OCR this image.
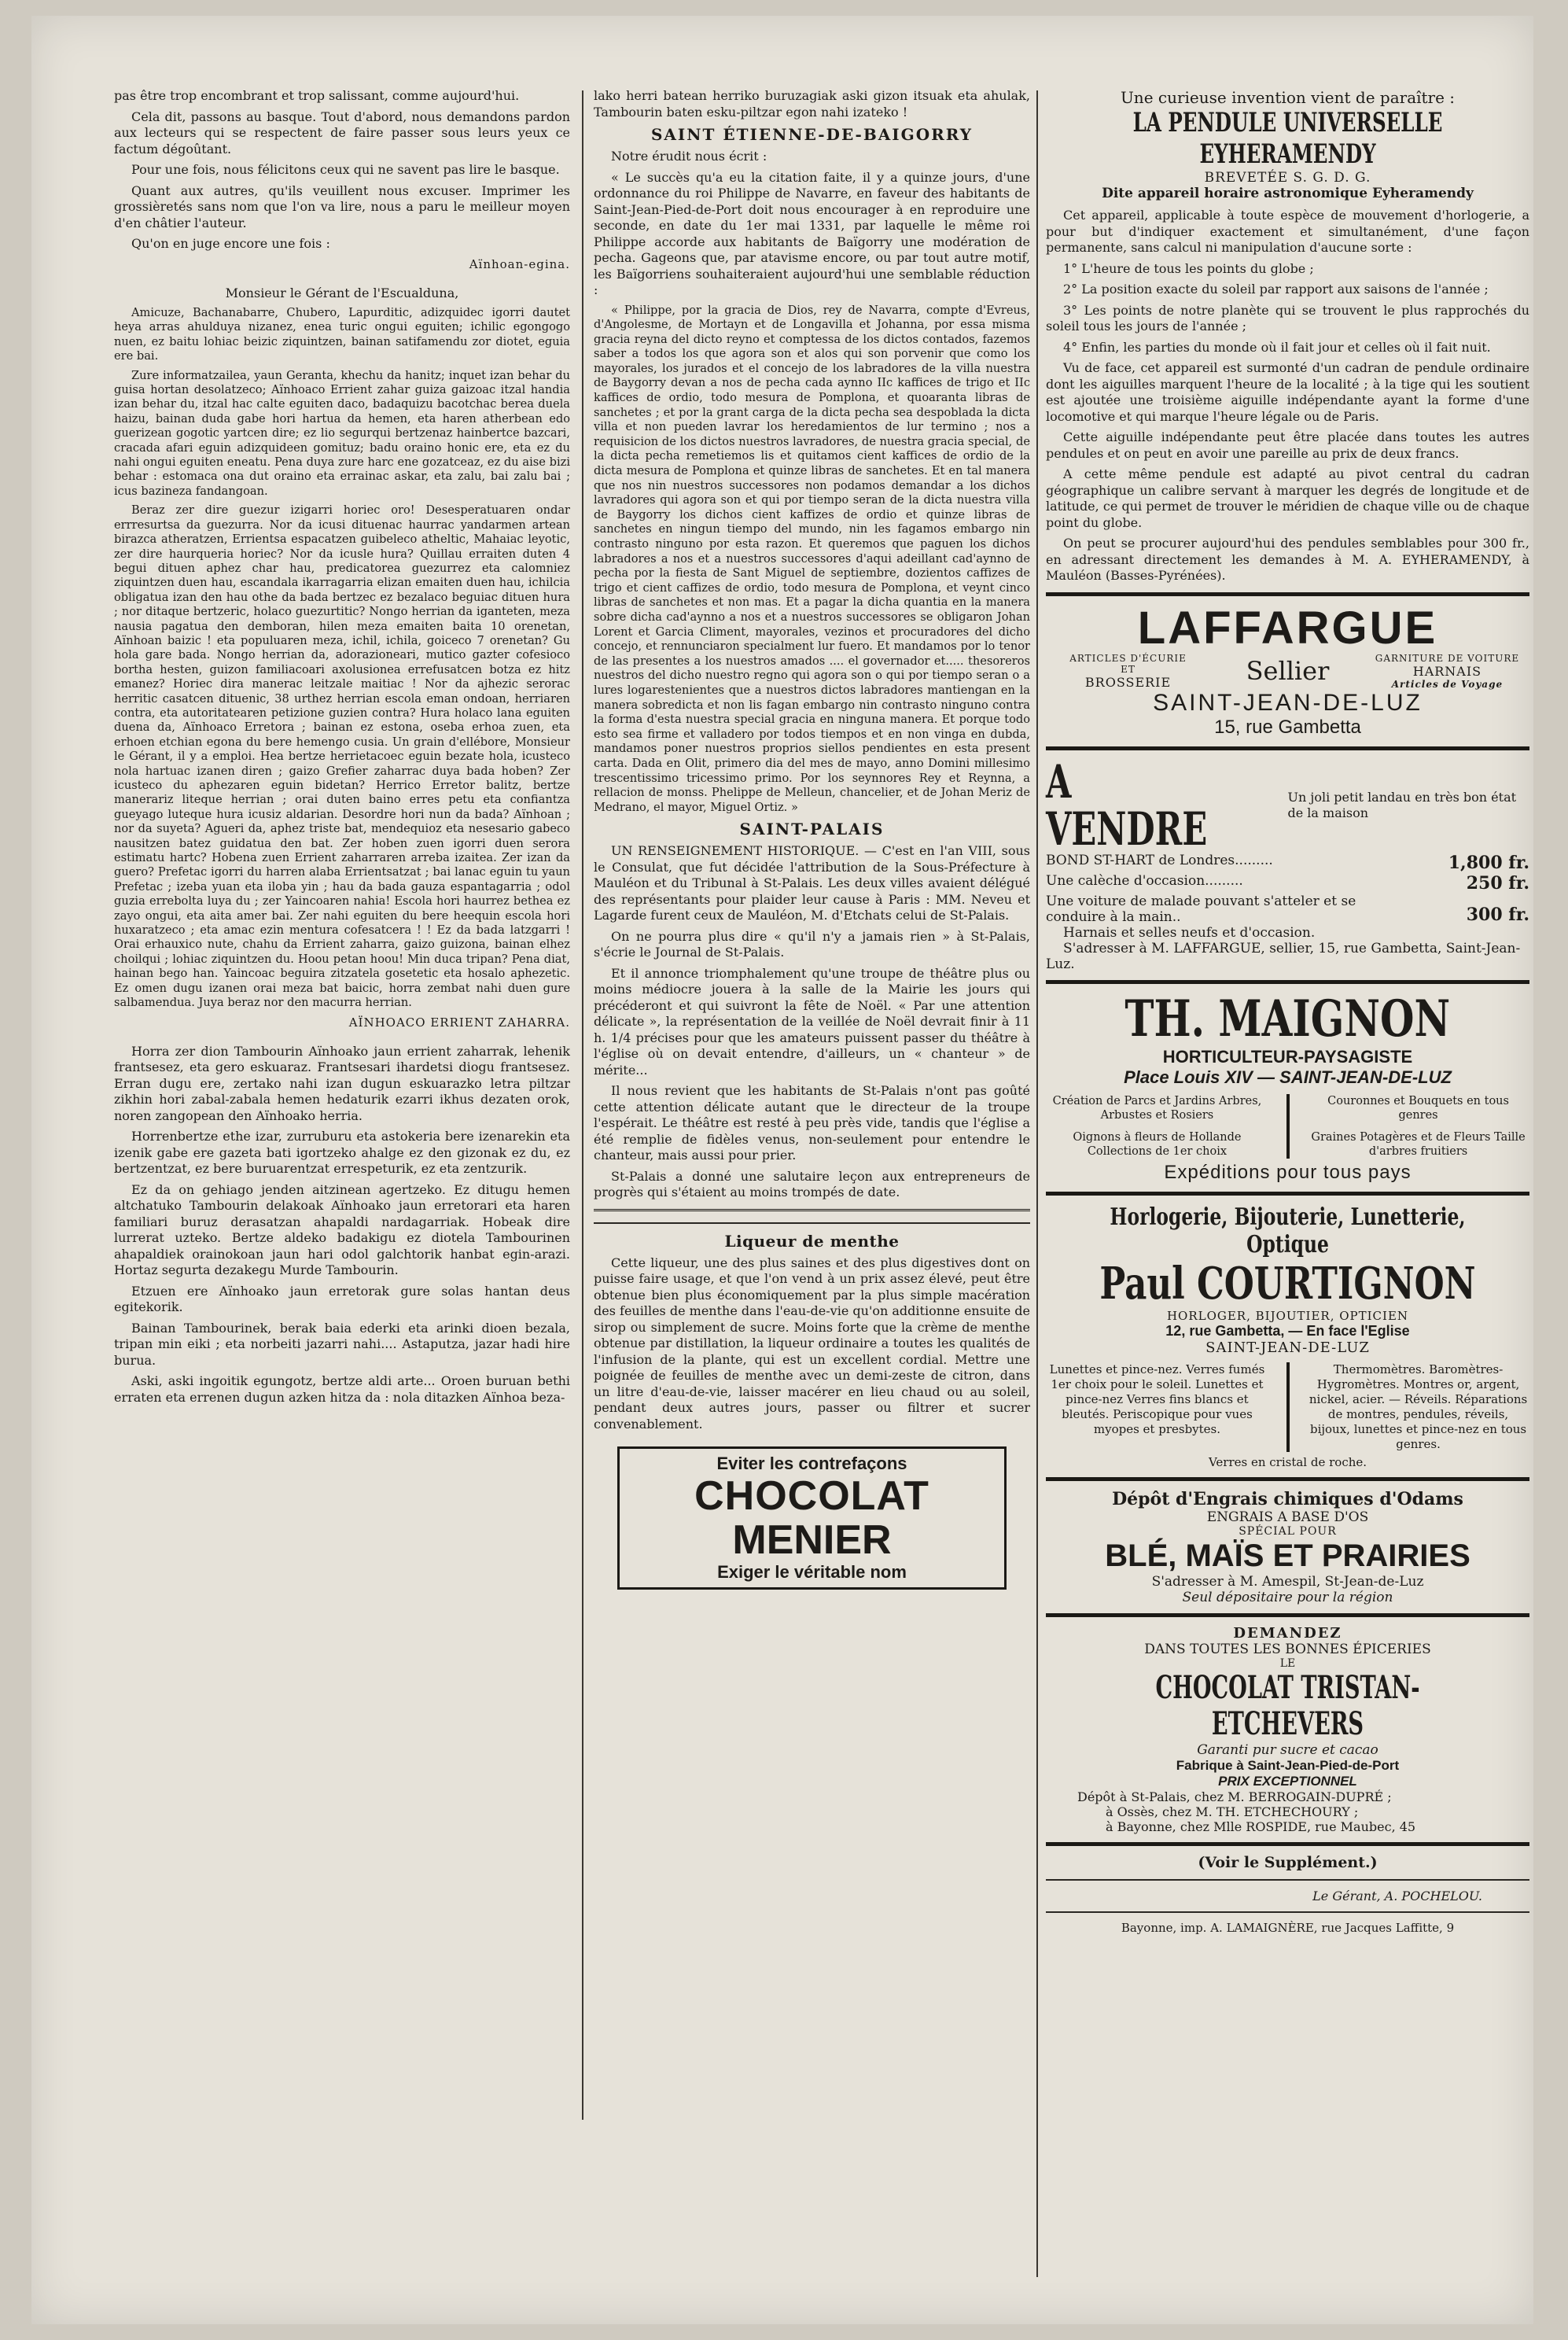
pas être trop encombrant et trop salissant, comme aujourd'hui.

Cela dit, passons au basque. Tout d'abord, nous demandons pardon aux lecteurs qui se respectent de faire passer sous leurs yeux ce factum dégoûtant.

Pour une fois, nous félicitons ceux qui ne savent pas lire le basque.

Quant aux autres, qu'ils veuillent nous excuser. Imprimer les grossièretés sans nom que l'on va lire, nous a paru le meilleur moyen d'en châtier l'auteur.

Qu'on en juge encore une fois :

Aïnhoan-egina.

Monsieur le Gérant de l'Escualduna,

Amicuze, Bachanabarre, Chubero, Lapurditic, adizquidec igorri dautet heya arras ahulduya nizanez, enea turic ongui eguiten; ichilic egongogo nuen, ez baitu lohiac beizic ziquintzen, bainan satifamendu zor diotet, eguia ere bai.

Zure informatzailea, yaun Geranta, khechu da hanitz; inquet izan behar du guisa hortan desolatzeco; Aïnhoaco Errient zahar guiza gaizoac itzal handia izan behar du, itzal hac calte eguiten daco, badaquizu bacotchac berea duela haizu, bainan duda gabe hori hartua da hemen, eta haren atherbean edo guerizean gogotic yartcen dire; ez lio segurqui bertzenaz hainbertce bazcari, cracada afari eguin adizquideen gomituz; badu oraino honic ere, eta ez du nahi ongui eguiten eneatu. Pena duya zure harc ene gozatceaz, ez du aise bizi behar : estomaca ona dut oraino eta errainac askar, eta zalu, bai zalu bai ; icus bazineza fandangoan.

Beraz zer dire guezur izigarri horiec oro! Desesperatuaren ondar errresurtsa da guezurra. Nor da icusi dituenac haurrac yandarmen artean birazca atheratzen, Errientsa espacatzen guibeleco atheltic, Mahaiac leyotic, zer dire haurqueria horiec? Nor da icusle hura? Quillau erraiten duten 4 begui dituen aphez char hau, predicatorea guezurrez eta calomniez ziquintzen duen hau, escandala ikarragarria elizan emaiten duen hau, ichilcia obligatua izan den hau othe da bada bertzec ez bezalaco beguiac dituen hura ; nor ditaque bertzeric, holaco guezurtitic? Nongo herrian da iganteten, meza nausia pagatua den demboran, hilen meza emaiten baita 10 orenetan, Aïnhoan baizic ! eta populuaren meza, ichil, ichila, goiceco 7 orenetan? Gu hola gare bada. Nongo herrian da, adorazioneari, mutico gazter cofesioco bortha hesten, guizon familiacoari axolusionea errefusatcen botza ez hitz emanez? Horiec dira manerac leitzale maitiac ! Nor da ajhezic serorac herritic casatcen dituenic, 38 urthez herrian escola eman ondoan, herriaren contra, eta autoritatearen petizione guzien contra? Hura holaco lana eguiten duena da, Aïnhoaco Erretora ; bainan ez estona, oseba erhoa zuen, eta erhoen etchian egona du bere hemengo cusia. Un grain d'ellébore, Monsieur le Gérant, il y a emploi. Hea bertze herrietacoec eguin bezate hola, icusteco nola hartuac izanen diren ; gaizo Grefier zaharrac duya bada hoben? Zer icusteco du aphezaren eguin bidetan? Herrico Erretor balitz, bertze manerariz liteque herrian ; orai duten baino erres petu eta confiantza gueyago luteque hura icusiz aldarian. Desordre hori nun da bada? Aïnhoan ; nor da suyeta? Agueri da, aphez triste bat, mendequioz eta nesesario gabeco nausitzen batez guidatua den bat. Zer hoben zuen igorri duen serora estimatu hartc? Hobena zuen Errient zaharraren arreba izaitea. Zer izan da guero? Prefetac igorri du harren alaba Errientsatzat ; bai lanac eguin tu yaun Prefetac ; izeba yuan eta iloba yin ; hau da bada gauza espantagarria ; odol guzia errebolta luya du ; zer Yaincoaren nahia! Escola hori haurrez bethea ez zayo ongui, eta aita amer bai. Zer nahi eguiten du bere heequin escola hori huxaratzeco ; eta amac ezin mentura cofesatcera ! ! Ez da bada latzgarri ! Orai erhauxico nute, chahu da Errient zaharra, gaizo guizona, bainan elhez choilqui ; lohiac ziquintzen du. Hoou petan hoou! Min duca tripan? Pena diat, hainan bego han. Yaincoac beguira zitzatela gosetetic eta hosalo aphezetic. Ez omen dugu izanen orai meza bat baicic, horra zembat nahi duen gure salbamendua. Juya beraz nor den macurra herrian.

AÏNHOACO ERRIENT ZAHARRA.

Horra zer dion Tambourin Aïnhoako jaun errient zaharrak, lehenik frantsesez, eta gero eskuaraz. Frantsesari ihardetsi diogu frantsesez. Erran dugu ere, zertako nahi izan dugun eskuarazko letra piltzar zikhin hori zabal-zabala hemen hedaturik ezarri ikhus dezaten orok, noren zangopean den Aïnhoako herria.

Horrenbertze ethe izar, zurruburu eta astokeria bere izenarekin eta izenik gabe ere gazeta bati igortzeko ahalge ez den gizonak ez du, ez bertzentzat, ez bere buruarentzat errespeturik, ez eta zentzurik.

Ez da on gehiago jenden aitzinean agertzeko. Ez ditugu hemen altchatuko Tambourin delakoak Aïnhoako jaun erretorari eta haren familiari buruz derasatzan ahapaldi nardagarriak. Hobeak dire lurrerat uzteko. Bertze aldeko badakigu ez diotela Tambourinen ahapaldiek orainokoan jaun hari odol galchtorik hanbat egin-arazi. Hortaz segurta dezakegu Murde Tambourin.

Etzuen ere Aïnhoako jaun erretorak gure solas hantan deus egitekorik.

Bainan Tambourinek, berak baia ederki eta arinki dioen bezala, tripan min eiki ; eta norbeiti jazarri nahi.... Astaputza, jazar hadi hire burua.

Aski, aski ingoitik egungotz, bertze aldi arte... Oroen buruan bethi erraten eta errenen dugun azken hitza da : nola ditazken Aïnhoa beza-

lako herri batean herriko buruzagiak aski gizon itsuak eta ahulak, Tambourin baten esku-piltzar egon nahi izateko !

SAINT ÉTIENNE-DE-BAIGORRY

Notre érudit nous écrit :

« Le succès qu'a eu la citation faite, il y a quinze jours, d'une ordonnance du roi Philippe de Navarre, en faveur des habitants de Saint-Jean-Pied-de-Port doit nous encourager à en reproduire une seconde, en date du 1er mai 1331, par laquelle le même roi Philippe accorde aux habitants de Baïgorry une modération de pecha. Gageons que, par atavisme encore, ou par tout autre motif, les Baïgorriens souhaiteraient aujourd'hui une semblable réduction :

« Philippe, por la gracia de Dios, rey de Navarra, compte d'Evreus, d'Angolesme, de Mortayn et de Longavilla et Johanna, por essa misma gracia reyna del dicto reyno et comptessa de los dictos contados, fazemos saber a todos los que agora son et alos qui son porvenir que como los mayorales, los jurados et el concejo de los labradores de la villa nuestra de Baygorry devan a nos de pecha cada aynno IIc kaffices de trigo et IIc kaffices de ordio, todo mesura de Pomplona, et quoaranta libras de sanchetes ; et por la grant carga de la dicta pecha sea despoblada la dicta villa et non pueden lavrar los heredamientos de lur termino ; nos a requisicion de los dictos nuestros lavradores, de nuestra gracia special, de la dicta pecha remetiemos lis et quitamos cient kaffices de ordio de la dicta mesura de Pomplona et quinze libras de sanchetes. Et en tal manera que nos nin nuestros successores non podamos demandar a los dichos lavradores qui agora son et qui por tiempo seran de la dicta nuestra villa de Baygorry los dichos cient kaffizes de ordio et quinze libras de sanchetes en ningun tiempo del mundo, nin les fagamos embargo nin contrasto ninguno por esta razon. Et queremos que paguen los dichos labradores a nos et a nuestros successores d'aqui adeillant cad'aynno de pecha por la fiesta de Sant Miguel de septiembre, dozientos caffizes de trigo et cient caffizes de ordio, todo mesura de Pomplona, et veynt cinco libras de sanchetes et non mas. Et a pagar la dicha quantia en la manera sobre dicha cad'aynno a nos et a nuestros successores se obligaron Johan Lorent et Garcia Climent, mayorales, vezinos et procuradores del dicho concejo, et rennunciaron specialment lur fuero. Et mandamos por lo tenor de las presentes a los nuestros amados .... el governador et..... thesoreros nuestros del dicho nuestro regno qui agora son o qui por tiempo seran o a lures logarestenientes que a nuestros dictos labradores mantiengan en la manera sobredicta et non lis fagan embargo nin contrasto ninguno contra la forma d'esta nuestra special gracia en ninguna manera. Et porque todo esto sea firme et valladero por todos tiempos et en non vinga en dubda, mandamos poner nuestros proprios siellos pendientes en esta present carta. Dada en Olit, primero dia del mes de mayo, anno Domini millesimo trescentissimo tricessimo primo. Por los seynnores Rey et Reynna, a rellacion de monss. Phelippe de Melleun, chancelier, et de Johan Meriz de Medrano, el mayor, Miguel Ortiz. »

SAINT-PALAIS

UN RENSEIGNEMENT HISTORIQUE. — C'est en l'an VIII, sous le Consulat, que fut décidée l'attribution de la Sous-Préfecture à Mauléon et du Tribunal à St-Palais. Les deux villes avaient délégué des représentants pour plaider leur cause à Paris : MM. Neveu et Lagarde furent ceux de Mauléon, M. d'Etchats celui de St-Palais.

On ne pourra plus dire « qu'il n'y a jamais rien » à St-Palais, s'écrie le Journal de St-Palais.

Et il annonce triomphalement qu'une troupe de théâtre plus ou moins médiocre jouera à la salle de la Mairie les jours qui précéderont et qui suivront la fête de Noël. « Par une attention délicate », la représentation de la veillée de Noël devrait finir à 11 h. 1/4 précises pour que les amateurs puissent passer du théâtre à l'église où on devait entendre, d'ailleurs, un « chanteur » de mérite...

Il nous revient que les habitants de St-Palais n'ont pas goûté cette attention délicate autant que le directeur de la troupe l'espérait. Le théâtre est resté à peu près vide, tandis que l'église a été remplie de fidèles venus, non-seulement pour entendre le chanteur, mais aussi pour prier.

St-Palais a donné une salutaire leçon aux entrepreneurs de progrès qui s'étaient au moins trompés de date.

Liqueur de menthe

Cette liqueur, une des plus saines et des plus digestives dont on puisse faire usage, et que l'on vend à un prix assez élevé, peut être obtenue bien plus économiquement par la plus simple macération des feuilles de menthe dans l'eau-de-vie qu'on additionne ensuite de sirop ou simplement de sucre. Moins forte que la crème de menthe obtenue par distillation, la liqueur ordinaire a toutes les qualités de l'infusion de la plante, qui est un excellent cordial. Mettre une poignée de feuilles de menthe avec un demi-zeste de citron, dans un litre d'eau-de-vie, laisser macérer en lieu chaud ou au soleil, pendant deux autres jours, passer ou filtrer et sucrer convenablement.

Eviter les contrefaçons
CHOCOLAT
MENIER
Exiger le véritable nom
Une curieuse invention vient de paraître :
LA PENDULE UNIVERSELLE EYHERAMENDY
BREVETÉE S. G. D. G.
Dite appareil horaire astronomique Eyheramendy

Cet appareil, applicable à toute espèce de mouvement d'horlogerie, a pour but d'indiquer exactement et simultanément, d'une façon permanente, sans calcul ni manipulation d'aucune sorte :

1° L'heure de tous les points du globe ;

2° La position exacte du soleil par rapport aux saisons de l'année ;

3° Les points de notre planète qui se trouvent le plus rapprochés du soleil tous les jours de l'année ;

4° Enfin, les parties du monde où il fait jour et celles où il fait nuit.

Vu de face, cet appareil est surmonté d'un cadran de pendule ordinaire dont les aiguilles marquent l'heure de la localité ; à la tige qui les soutient est ajoutée une troisième aiguille indépendante ayant la forme d'une locomotive et qui marque l'heure légale ou de Paris.

Cette aiguille indépendante peut être placée dans toutes les autres pendules et on peut en avoir une pareille au prix de deux francs.

A cette même pendule est adapté au pivot central du cadran géographique un calibre servant à marquer les degrés de longitude et de latitude, ce qui permet de trouver le méridien de chaque ville ou de chaque point du globe.

On peut se procurer aujourd'hui des pendules semblables pour 300 fr., en adressant directement les demandes à M. A. EYHERAMENDY, à Mauléon (Basses-Pyrénées).

LAFFARGUE
ARTICLES D'ÉCURIE
ET
BROSSERIE	Sellier	GARNITURE DE VOITURE
HARNAIS
Articles de Voyage
SAINT-JEAN-DE-LUZ
15, rue Gambetta
A VENDRE
Un joli petit landau en très bon état de la maison
BOND ST-HART de Londres.........	1,800 fr.
Une calèche d'occasion.........	250 fr.
Une voiture de malade pouvant s'atteler et se conduire à la main..	300 fr.
Harnais et selles neufs et d'occasion.
S'adresser à M. LAFFARGUE, sellier, 15, rue Gambetta, Saint-Jean-Luz.
TH. MAIGNON
HORTICULTEUR-PAYSAGISTE
Place Louis XIV — SAINT-JEAN-DE-LUZ
Création de Parcs et Jardins Arbres, Arbustes et Rosiers
Oignons à fleurs de Hollande Collections de 1er choix
Couronnes et Bouquets en tous genres
Graines Potagères et de Fleurs Taille d'arbres fruitiers
Expéditions pour tous pays
Horlogerie, Bijouterie, Lunetterie, Optique
Paul COURTIGNON
HORLOGER, BIJOUTIER, OPTICIEN
12, rue Gambetta, — En face l'Eglise
SAINT-JEAN-DE-LUZ
Lunettes et pince-nez. Verres fumés 1er choix pour le soleil. Lunettes et pince-nez Verres fins blancs et bleutés. Periscopique pour vues myopes et presbytes.
Thermomètres. Baromètres-Hygromètres. Montres or, argent, nickel, acier. — Réveils. Réparations de montres, pendules, réveils, bijoux, lunettes et pince-nez en tous genres.
Verres en cristal de roche.
Dépôt d'Engrais chimiques d'Odams
ENGRAIS A BASE D'OS
SPÉCIAL POUR
BLÉ, MAÏS ET PRAIRIES
S'adresser à M. Amespil, St-Jean-de-Luz
Seul dépositaire pour la région
DEMANDEZ
DANS TOUTES LES BONNES ÉPICERIES
LE
CHOCOLAT TRISTAN-ETCHEVERS
Garanti pur sucre et cacao
Fabrique à Saint-Jean-Pied-de-Port
PRIX EXCEPTIONNEL
Dépôt à St-Palais, chez M. BERROGAIN-DUPRÉ ;
à Ossès, chez M. TH. ETCHECHOURY ;
à Bayonne, chez Mlle ROSPIDE, rue Maubec, 45
(Voir le Supplément.)
Le Gérant, A. POCHELOU.
Bayonne, imp. A. LAMAIGNÈRE, rue Jacques Laffitte, 9
